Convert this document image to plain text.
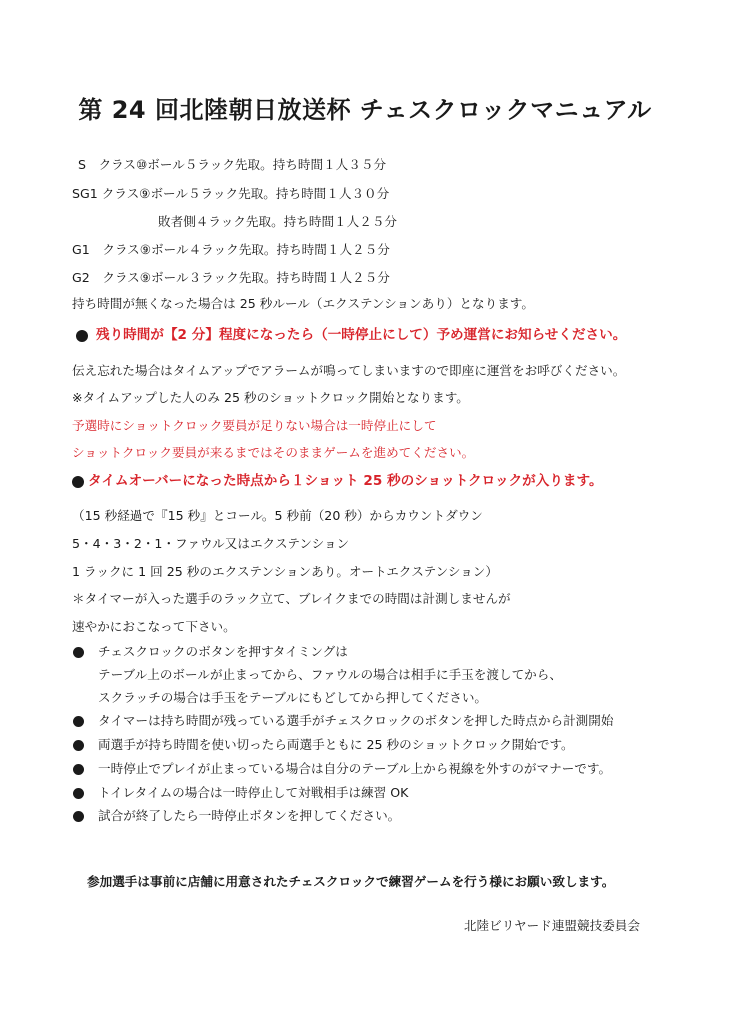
第 24 回北陸朝日放送杯 チェスクロックマニュアル
S　クラス⑩ボール５ラック先取。持ち時間１人３５分
SG1 クラス⑨ボール５ラック先取。持ち時間１人３０分
敗者側４ラック先取。持ち時間１人２５分
G1　クラス⑨ボール４ラック先取。持ち時間１人２５分
G2　クラス⑨ボール３ラック先取。持ち時間１人２５分
持ち時間が無くなった場合は 25 秒ルール（エクステンションあり）となります。
残り時間が【2 分】程度になったら（一時停止にして）予め運営にお知らせください。
伝え忘れた場合はタイムアップでアラームが鳴ってしまいますので即座に運営をお呼びください。
※タイムアップした人のみ 25 秒のショットクロック開始となります。
予選時にショットクロック要員が足りない場合は一時停止にして
ショットクロック要員が来るまではそのままゲームを進めてください。
タイムオーバーになった時点から１ショット 25 秒のショットクロックが入ります。
（15 秒経過で『15 秒』とコール。5 秒前（20 秒）からカウントダウン
5・4・3・2・1・ファウル又はエクステンション
1 ラックに 1 回 25 秒のエクステンションあり。オートエクステンション）
＊タイマーが入った選手のラック立て、ブレイクまでの時間は計測しませんが
速やかにおこなって下さい。
チェスクロックのボタンを押すタイミングは
テーブル上のボールが止まってから、ファウルの場合は相手に手玉を渡してから、
スクラッチの場合は手玉をテーブルにもどしてから押してください。
タイマーは持ち時間が残っている選手がチェスクロックのボタンを押した時点から計測開始
両選手が持ち時間を使い切ったら両選手ともに 25 秒のショットクロック開始です。
一時停止でプレイが止まっている場合は自分のテーブル上から視線を外すのがマナーです。
トイレタイムの場合は一時停止して対戦相手は練習 OK
試合が終了したら一時停止ボタンを押してください。
参加選手は事前に店舗に用意されたチェスクロックで練習ゲームを行う様にお願い致します。
北陸ビリヤード連盟競技委員会
